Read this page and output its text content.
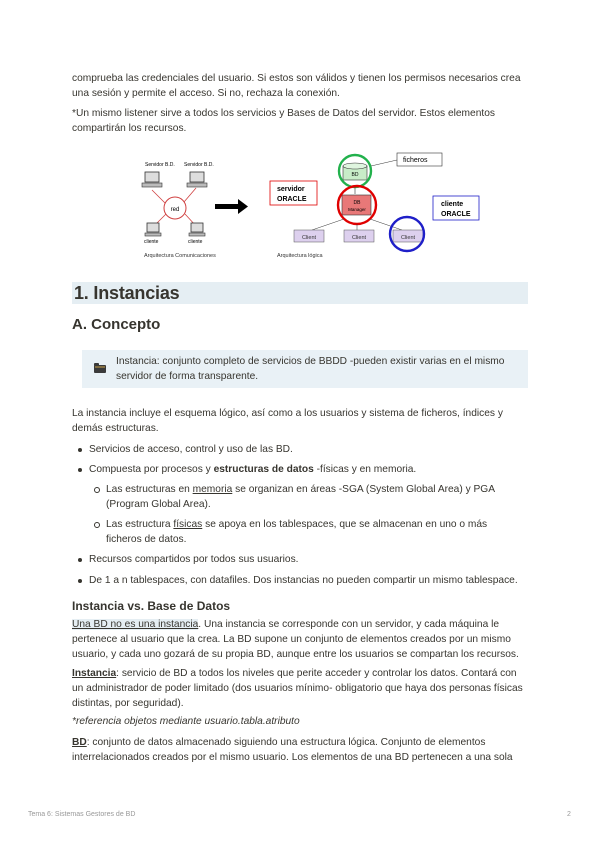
comprueba las credenciales del usuario. Si estos son válidos y tienen los permisos necesarios crea una sesión y permite el acceso. Si no, rechaza la conexión.

*Un mismo listener sirve a todos los servicios y Bases de Datos del servidor. Estos elementos compartirán los recursos.

red
Servidor B.D. Servidor B.D.
cliente	cliente
Arquitectura Comunicaciones
BD
ficheros
DB
Manager
servidor
ORACLE
cliente
ORACLE
Client	Client	Client
Arquitectura lógica
1. Instancias
A. Concepto

Instancia: conjunto completo de servicios de BBDD -pueden existir varias en el mismo servidor de forma transparente.

La instancia incluye el esquema lógico, así como a los usuarios y sistema de ficheros, índices y demás estructuras.

Servicios de acceso, control y uso de las BD.
Compuesta por procesos y estructuras de datos -físicas y en memoria.
Las estructuras en memoria se organizan en áreas -SGA (System Global Area) y PGA (Program Global Area).
Las estructura físicas se apoya en los tablespaces, que se almacenan en uno o más ficheros de datos.
Recursos compartidos por todos sus usuarios.
De 1 a n tablespaces, con datafiles. Dos instancias no pueden compartir un mismo tablespace.
Instancia vs. Base de Datos

Una BD no es una instancia. Una instancia se corresponde con un servidor, y cada máquina le pertenece al usuario que la crea. La BD supone un conjunto de elementos creados por un mismo usuario, y cada uno gozará de su propia BD, aunque entre los usuarios se compartan los recursos.

Instancia: servicio de BD a todos los niveles que perite acceder y controlar los datos. Contará con un administrador de poder limitado (dos usuarios mínimo- obligatorio que haya dos personas físicas distintas, por seguridad).

*referencia objetos mediante usuario.tabla.atributo

BD: conjunto de datos almacenado siguiendo una estructura lógica. Conjunto de elementos interrelacionados creados por el mismo usuario. Los elementos de una BD pertenecen a una sola

Tema 6: Sistemas Gestores de BD	2
